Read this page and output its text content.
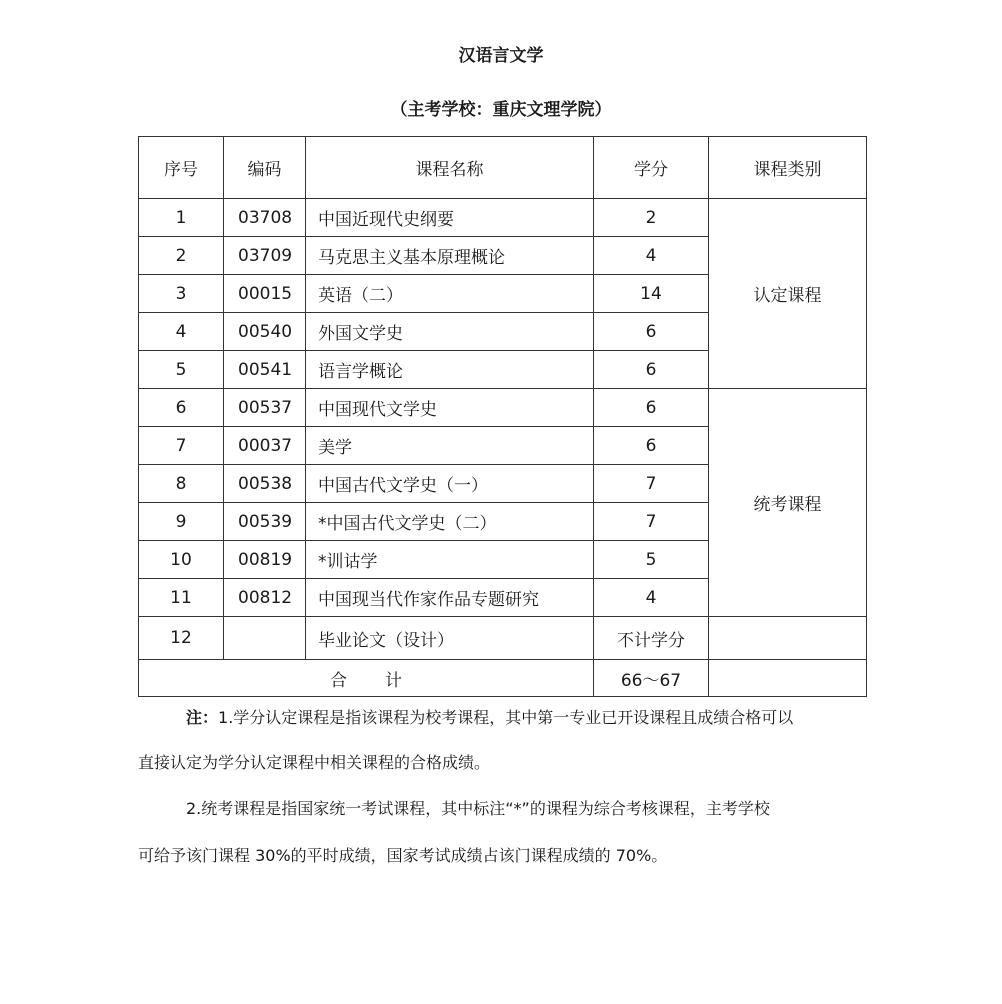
汉语言文学
（主考学校：重庆文理学院）
序号	编码	课程名称	学分	课程类别
1	03708	中国近现代史纲要	2	认定课程
2	03709	马克思主义基本原理概论	4	
3	00015	英语（二）	14	
4	00540	外国文学史	6	
5	00541	语言学概论	6	
6	00537	中国现代文学史	6	统考课程
7	00037	美学	6	
8	00538	中国古代文学史（一）	7	
9	00539	*中国古代文学史（二）	7	
10	00819	*训诂学	5	
11	00812	中国现当代作家作品专题研究	4	
12		毕业论文（设计）	不计学分	
合 计			66～67	
注：1.学分认定课程是指该课程为校考课程，其中第一专业已开设课程且成绩合格可以
直接认定为学分认定课程中相关课程的合格成绩。
2.统考课程是指国家统一考试课程，其中标注“*”的课程为综合考核课程，主考学校
可给予该门课程 30%的平时成绩，国家考试成绩占该门课程成绩的 70%。
